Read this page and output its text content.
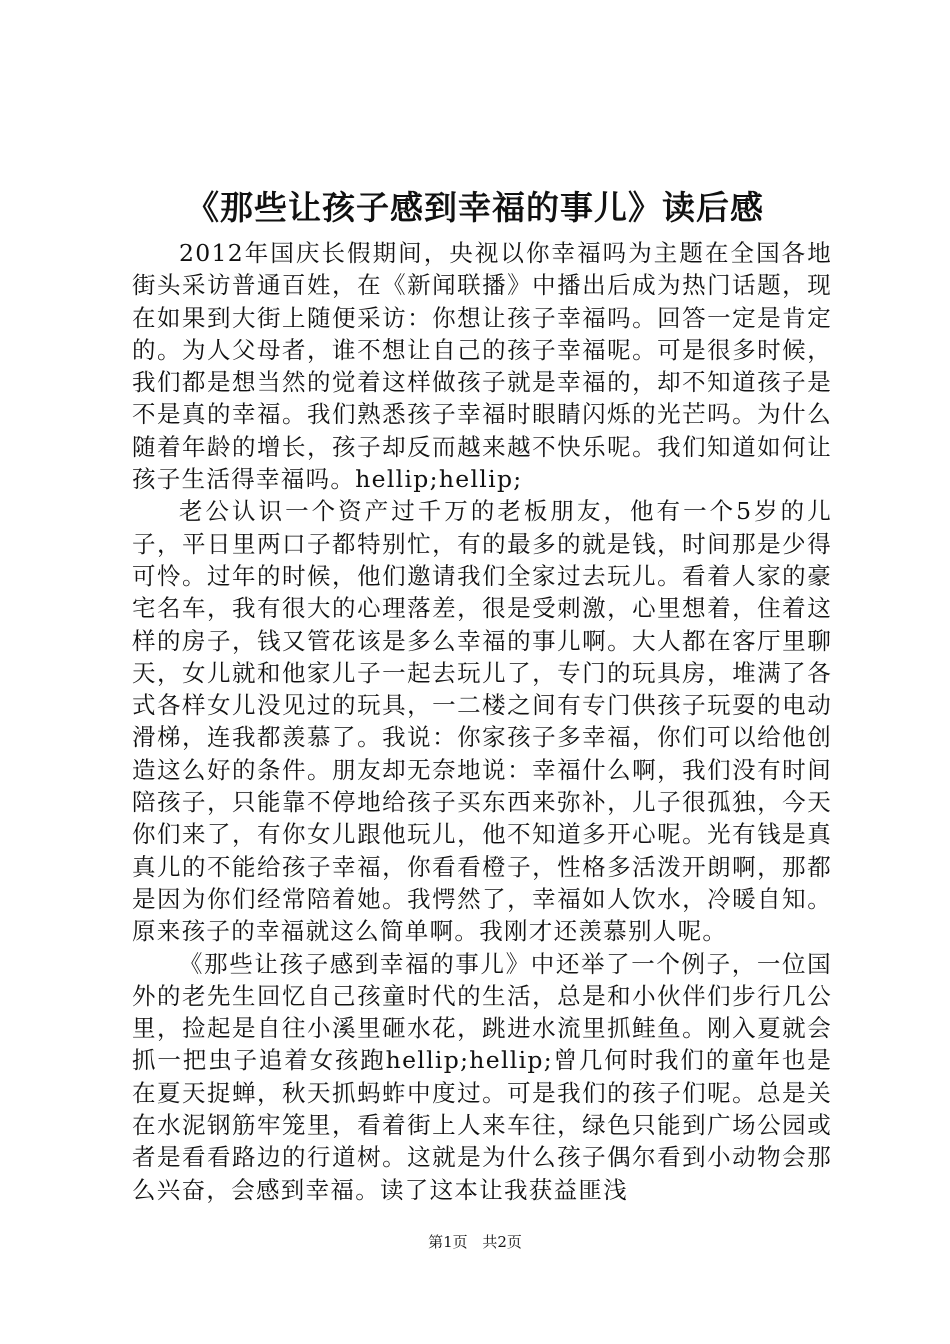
《那些让孩子感到幸福的事儿》读后感

2012年国庆长假期间，央视以你幸福吗为主题在全国各地街头采访普通百姓，在《新闻联播》中播出后成为热门话题，现在如果到大街上随便采访：你想让孩子幸福吗。回答一定是肯定的。为人父母者，谁不想让自己的孩子幸福呢。可是很多时候，我们都是想当然的觉着这样做孩子就是幸福的，却不知道孩子是不是真的幸福。我们熟悉孩子幸福时眼睛闪烁的光芒吗。为什么随着年龄的增长，孩子却反而越来越不快乐呢。我们知道如何让孩子生活得幸福吗。hellip;hellip;

老公认识一个资产过千万的老板朋友，他有一个5岁的儿子，平日里两口子都特别忙，有的最多的就是钱，时间那是少得可怜。过年的时候，他们邀请我们全家过去玩儿。看着人家的豪宅名车，我有很大的心理落差，很是受刺激，心里想着，住着这样的房子，钱又管花该是多么幸福的事儿啊。大人都在客厅里聊天，女儿就和他家儿子一起去玩儿了，专门的玩具房，堆满了各式各样女儿没见过的玩具，一二楼之间有专门供孩子玩耍的电动滑梯，连我都羡慕了。我说：你家孩子多幸福，你们可以给他创造这么好的条件。朋友却无奈地说：幸福什么啊，我们没有时间陪孩子，只能靠不停地给孩子买东西来弥补，儿子很孤独，今天你们来了，有你女儿跟他玩儿，他不知道多开心呢。光有钱是真真儿的不能给孩子幸福，你看看橙子，性格多活泼开朗啊，那都是因为你们经常陪着她。我愕然了，幸福如人饮水，冷暖自知。原来孩子的幸福就这么简单啊。我刚才还羡慕别人呢。

《那些让孩子感到幸福的事儿》中还举了一个例子，一位国外的老先生回忆自己孩童时代的生活，总是和小伙伴们步行几公里，捡起是自往小溪里砸水花，跳进水流里抓鲑鱼。刚入夏就会抓一把虫子追着女孩跑hellip;hellip;曾几何时我们的童年也是在夏天捉蝉，秋天抓蚂蚱中度过。可是我们的孩子们呢。总是关在水泥钢筋牢笼里，看着街上人来车往，绿色只能到广场公园或者是看看路边的行道树。这就是为什么孩子偶尔看到小动物会那么兴奋，会感到幸福。读了这本让我获益匪浅

第1页 共2页
